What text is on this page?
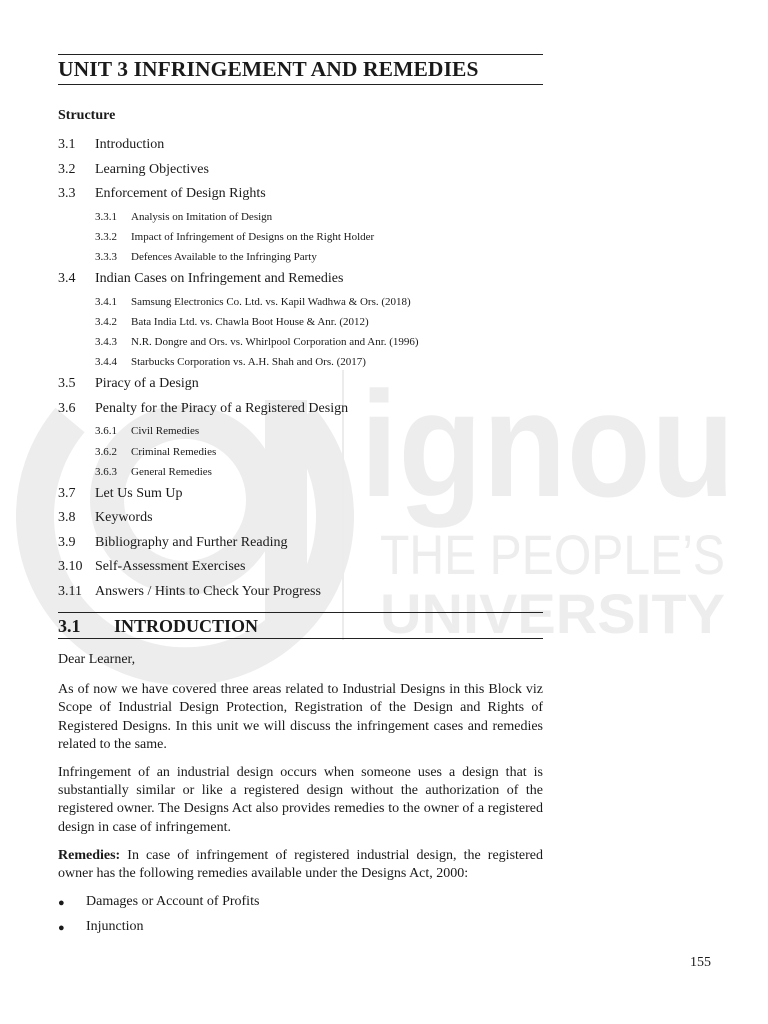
ignou
THE PEOPLE’S
UNIVERSITY
UNIT 3 INFRINGEMENT AND REMEDIES
Structure
3.1	Introduction
3.2	Learning Objectives
3.3	Enforcement of Design Rights
3.3.1	Analysis on Imitation of Design
3.3.2	Impact of Infringement of Designs on the Right Holder
3.3.3	Defences Available to the Infringing Party
3.4	Indian Cases on Infringement and Remedies
3.4.1	Samsung Electronics Co. Ltd. vs. Kapil Wadhwa & Ors. (2018)
3.4.2	Bata India Ltd. vs. Chawla Boot House & Anr. (2012)
3.4.3	N.R. Dongre and Ors. vs. Whirlpool Corporation and Anr. (1996)
3.4.4	Starbucks Corporation vs. A.H. Shah and Ors. (2017)
3.5	Piracy of a Design
3.6	Penalty for the Piracy of a Registered Design
3.6.1	Civil Remedies
3.6.2	Criminal Remedies
3.6.3	General Remedies
3.7	Let Us Sum Up
3.8	Keywords
3.9	Bibliography and Further Reading
3.10 Self-Assessment Exercises
3.11 Answers / Hints to Check Your Progress
3.1 INTRODUCTION

Dear Learner,

As of now we have covered three areas related to Industrial Designs in this Block viz Scope of Industrial Design Protection, Registration of the Design and Rights of Registered Designs. In this unit we will discuss the infringement cases and remedies related to the same.

Infringement of an industrial design occurs when someone uses a design that is substantially similar or like a registered design without the authorization of the registered owner. The Designs Act also provides remedies to the owner of a registered design in case of infringement.

Remedies: In case of infringement of registered industrial design, the registered owner has the following remedies available under the Designs Act, 2000:

●	Damages or Account of Profits
●	Injunction
155
